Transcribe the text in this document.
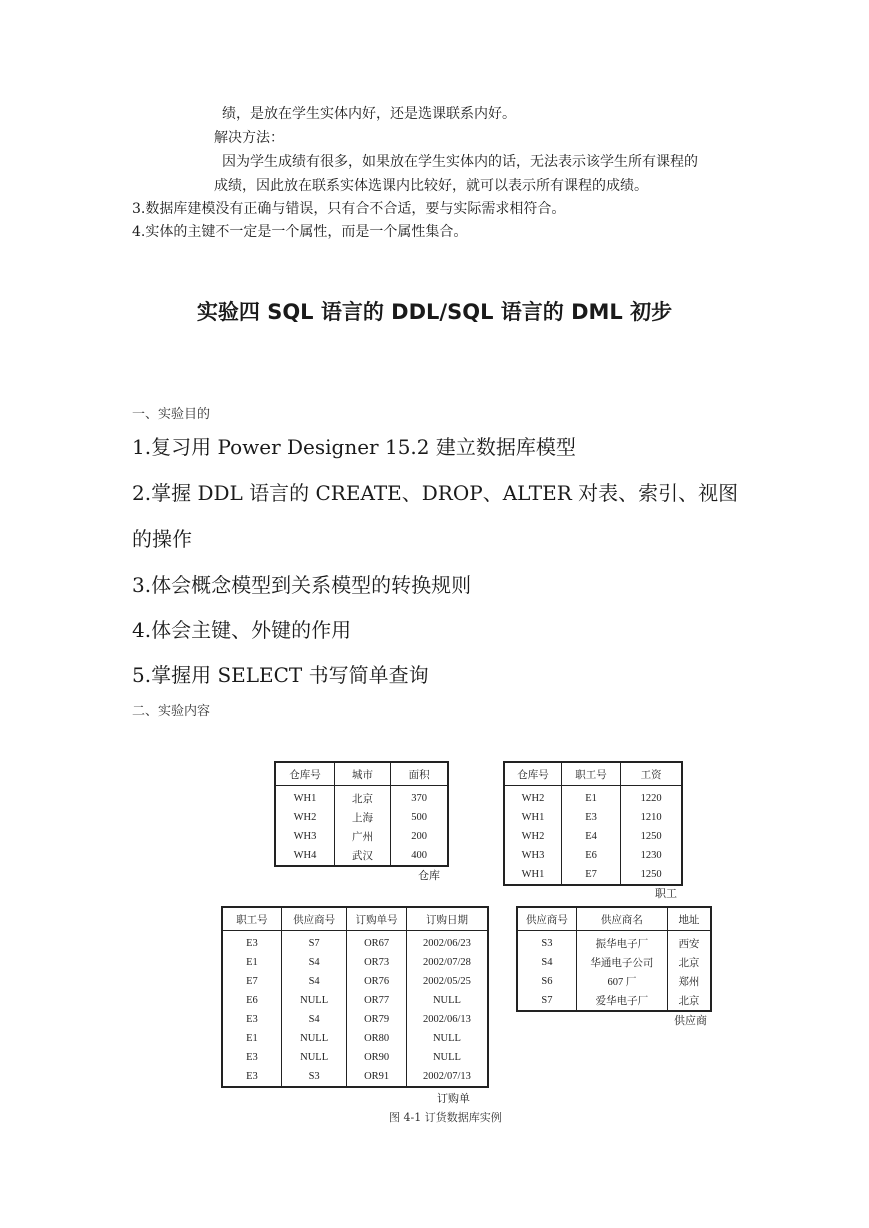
绩，是放在学生实体内好，还是选课联系内好。
解决方法：
因为学生成绩有很多，如果放在学生实体内的话，无法表示该学生所有课程的
成绩，因此放在联系实体选课内比较好，就可以表示所有课程的成绩。
3.数据库建模没有正确与错误，只有合不合适，要与实际需求相符合。
4.实体的主键不一定是一个属性，而是一个属性集合。
实验四 SQL 语言的 DDL/SQL 语言的 DML 初步
一、实验目的
1.复习用 Power Designer 15.2 建立数据库模型
2.掌握 DDL 语言的 CREATE、DROP、ALTER 对表、索引、视图
的操作
3.体会概念模型到关系模型的转换规则
4.体会主键、外键的作用
5.掌握用 SELECT 书写简单查询
二、实验内容
仓库号	城市	面积
WH1	北京	370
WH2	上海	500
WH3	广州	200
WH4	武汉	400
仓库
仓库号	职工号	工资
WH2	E1	1220
WH1	E3	1210
WH2	E4	1250
WH3	E6	1230
WH1	E7	1250
职工
职工号	供应商号	订购单号	订购日期
E3	S7	OR67	2002/06/23
E1	S4	OR73	2002/07/28
E7	S4	OR76	2002/05/25
E6	NULL	OR77	NULL
E3	S4	OR79	2002/06/13
E1	NULL	OR80	NULL
E3	NULL	OR90	NULL
E3	S3	OR91	2002/07/13
订购单
供应商号	供应商名	地址
S3	振华电子厂	西安
S4	华通电子公司	北京
S6	607 厂	郑州
S7	爱华电子厂	北京
供应商
图 4-1 订货数据库实例
